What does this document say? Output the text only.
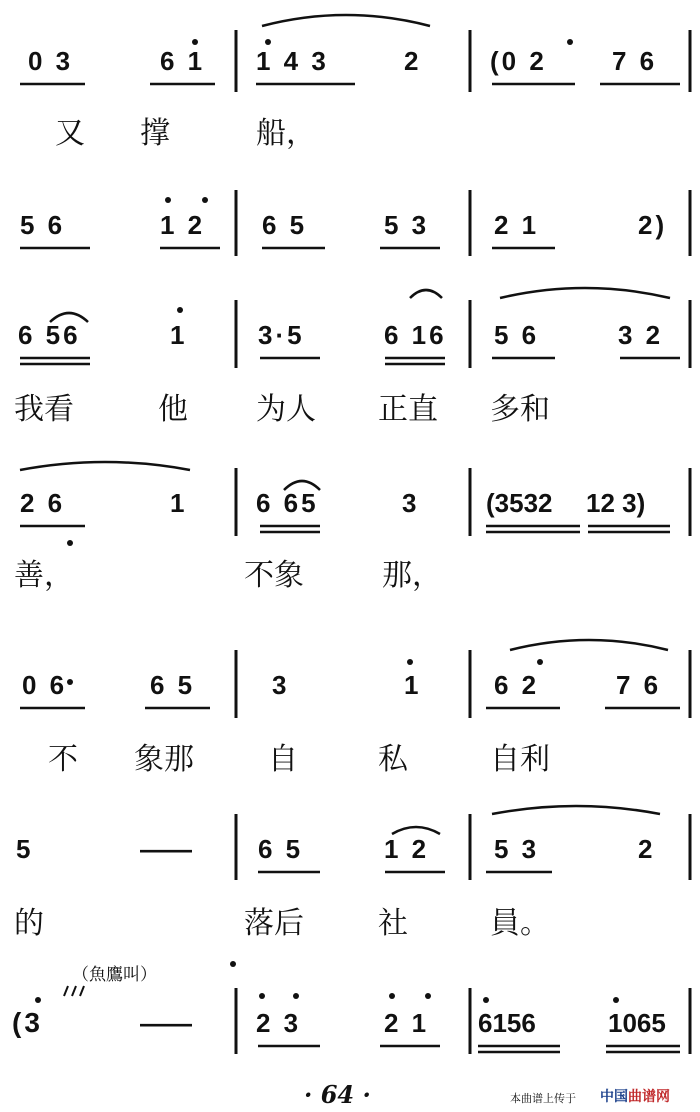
0 3	6 1 1 4 3	2	(0 2	7 6
又 撑	船，
5 6	1 2 6 5	5 3 2 1	2)
6 56	1	3·5	6 16 5 6	3 2
我看	他 为人 正直 多和
2 6	1	6 65	3	(3532 12 3)
善，	不象	那，
0 6	6 5	3	1	6 2	7 6
不 象那 自	私	自利
5	——	6 5	1 2 5 3	2
的	落后 社	員。
（魚鷹叫）
(3	—— 2 3	2 1 6156	1065
· 64 ·	本曲谱上传于 中国曲谱网
